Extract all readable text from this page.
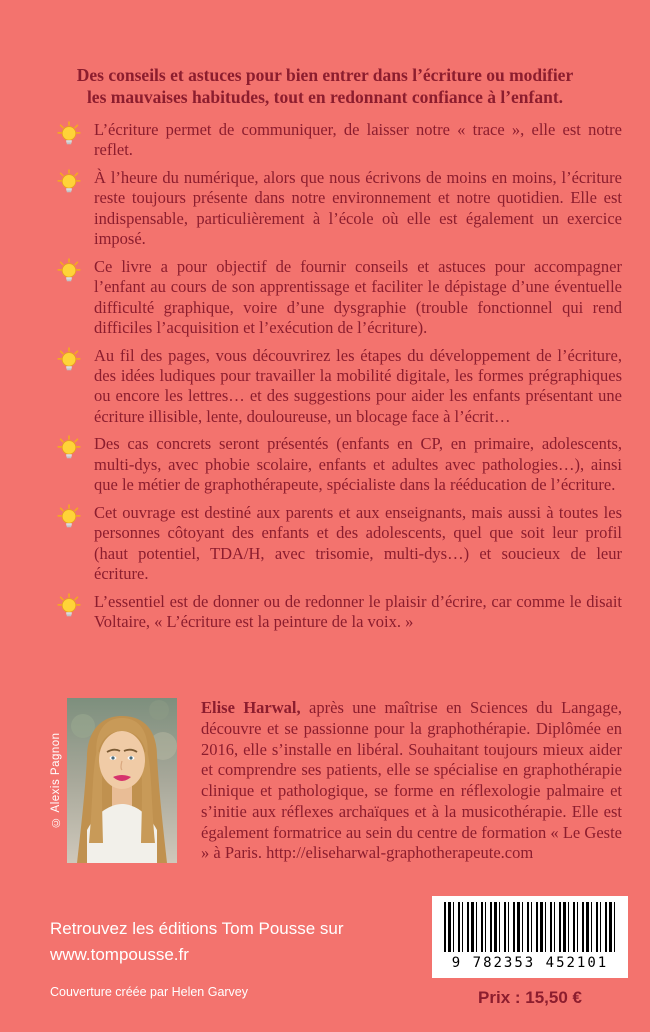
Des conseils et astuces pour bien entrer dans l’écriture ou modifier les mauvaises habitudes, tout en redonnant confiance à l’enfant.

L’écriture permet de communiquer, de laisser notre « trace », elle est notre reflet.

À l’heure du numérique, alors que nous écrivons de moins en moins, l’écriture reste toujours présente dans notre environnement et notre quotidien. Elle est indispensable, particulièrement à l’école où elle est également un exercice imposé.

Ce livre a pour objectif de fournir conseils et astuces pour accompagner l’enfant au cours de son apprentissage et faciliter le dépistage d’une éventuelle difficulté graphique, voire d’une dysgraphie (trouble fonctionnel qui rend difficiles l’acquisition et l’exécution de l’écriture).

Au fil des pages, vous découvrirez les étapes du développement de l’écriture, des idées ludiques pour travailler la mobilité digitale, les formes prégraphiques ou encore les lettres… et des suggestions pour aider les enfants présentant une écriture illisible, lente, douloureuse, un blocage face à l’écrit…

Des cas concrets seront présentés (enfants en CP, en primaire, adolescents, multi-dys, avec phobie scolaire, enfants et adultes avec pathologies…), ainsi que le métier de graphothérapeute, spécialiste dans la rééducation de l’écriture.

Cet ouvrage est destiné aux parents et aux enseignants, mais aussi à toutes les personnes côtoyant des enfants et des adolescents, quel que soit leur profil (haut potentiel, TDA/H, avec trisomie, multi-dys…) et soucieux de leur écriture.

L’essentiel est de donner ou de redonner le plaisir d’écrire, car comme le disait Voltaire, « L’écriture est la peinture de la voix. »

© Alexis Pagnon

Elise Harwal, après une maîtrise en Sciences du Langage, découvre et se passionne pour la graphothérapie. Diplômée en 2016, elle s’installe en libéral. Souhaitant toujours mieux aider et comprendre ses patients, elle se spécialise en graphothérapie clinique et pathologique, se forme en réflexologie palmaire et s’initie aux réflexes archaïques et à la musicothérapie. Elle est également formatrice au sein du centre de formation « Le Geste » à Paris. http://eliseharwal-graphotherapeute.com

Retrouvez les éditions Tom Pousse sur
www.tompousse.fr
Couverture créée par Helen Garvey
9 782353 452101
Prix : 15,50 €
